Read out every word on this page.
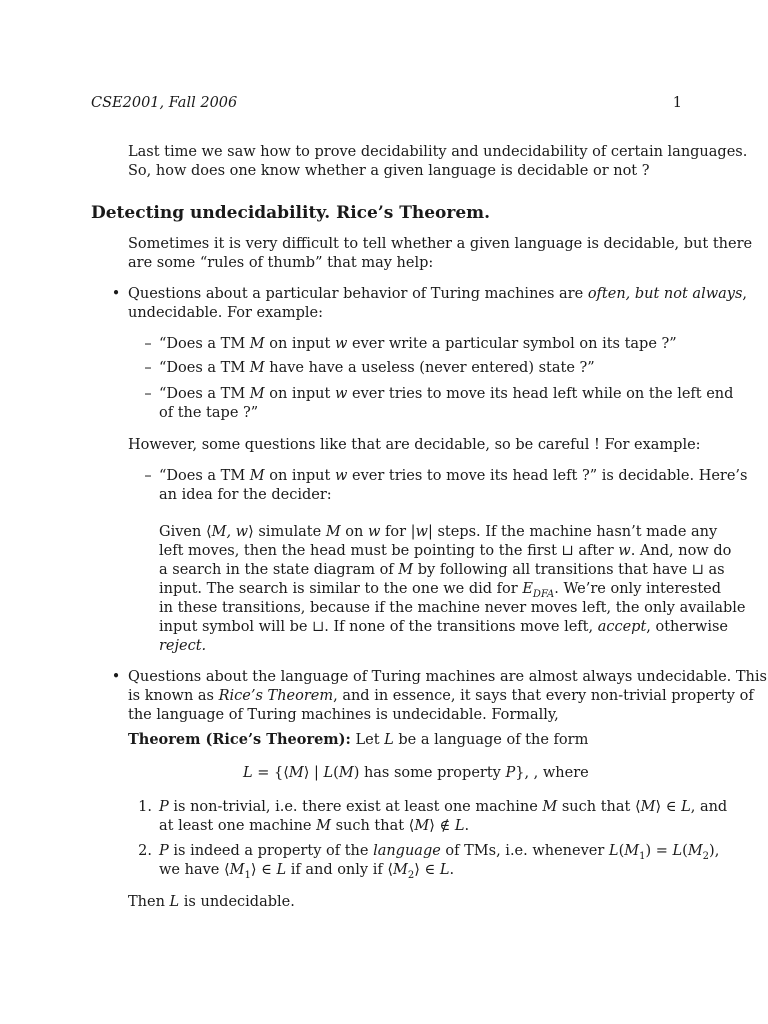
CSE2001, Fall 2006	1

Last time we saw how to prove decidability and undecidability of certain languages.

So, how does one know whether a given language is decidable or not ?

Detecting undecidability. Rice’s Theorem.

Sometimes it is very difficult to tell whether a given language is decidable, but there

are some “rules of thumb” that may help:

• Questions about a particular behavior of Turing machines are often, but not always,

undecidable. For example:

– “Does a TM M on input w ever write a particular symbol on its tape ?”

– “Does a TM M have have a useless (never entered) state ?”

– “Does a TM M on input w ever tries to move its head left while on the left end

of the tape ?”

However, some questions like that are decidable, so be careful ! For example:

– “Does a TM M on input w ever tries to move its head left ?” is decidable. Here’s

an idea for the decider:

Given ⟨M, w⟩ simulate M on w for |w| steps. If the machine hasn’t made any

left moves, then the head must be pointing to the first ⊔ after w. And, now do

a search in the state diagram of M by following all transitions that have ⊔ as

input. The search is similar to the one we did for $E_{DFA}$. We’re only interested

in these transitions, because if the machine never moves left, the only available

input symbol will be ⊔. If none of the transitions move left, accept, otherwise

reject.

• Questions about the language of Turing machines are almost always undecidable. This

is known as Rice’s Theorem, and in essence, it says that every non-trivial property of

the language of Turing machines is undecidable. Formally,

Theorem (Rice’s Theorem): Let L be a language of the form

L = {⟨M⟩ | L(M) has some property P}, , where

1. P is non-trivial, i.e. there exist at least one machine M such that ⟨M⟩ ∈ L, and

at least one machine M such that ⟨M⟩ ∉ L.

2. P is indeed a property of the language of TMs, i.e. whenever $L(M_1) = L(M_2)$,

we have $⟨M_1⟩$ ∈ L if and only if $⟨M_2⟩$ ∈ L.

Then L is undecidable.
